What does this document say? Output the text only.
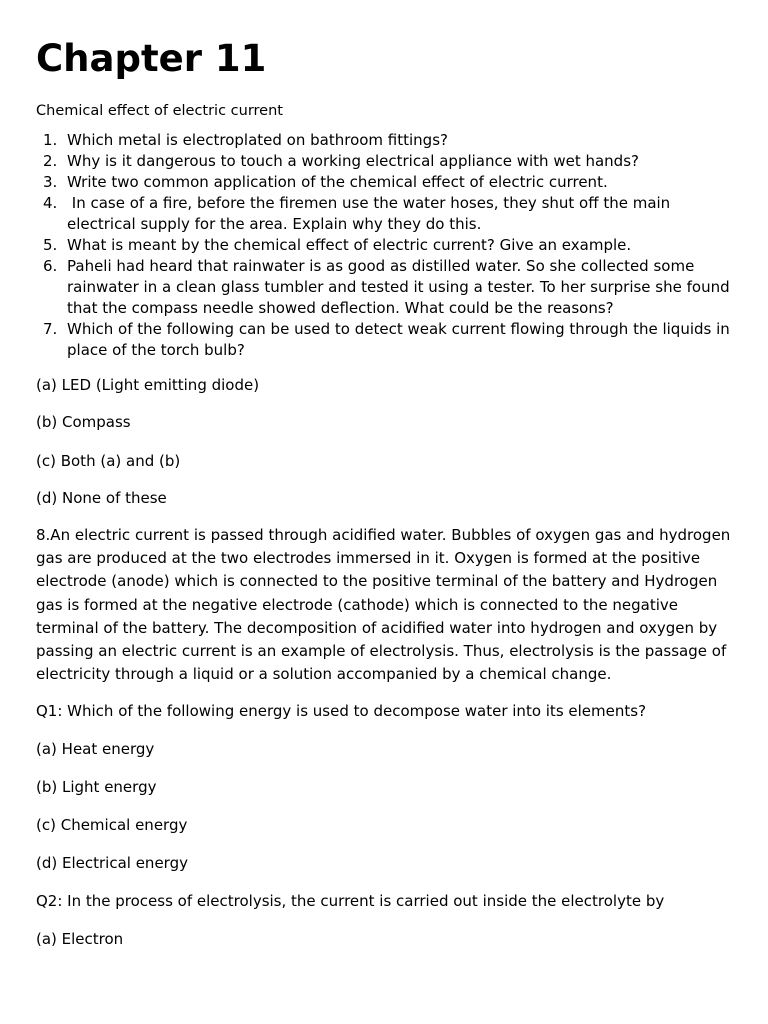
Chapter 11

Chemical effect of electric current

1. Which metal is electroplated on bathroom fittings?
2. Why is it dangerous to touch a working electrical appliance with wet hands?
3. Write two common application of the chemical effect of electric current.
4. In case of a fire, before the firemen use the water hoses, they shut off the main electrical supply for the area. Explain why they do this.
5. What is meant by the chemical effect of electric current? Give an example.
6. Paheli had heard that rainwater is as good as distilled water. So she collected some rainwater in a clean glass tumbler and tested it using a tester. To her surprise she found that the compass needle showed deflection. What could be the reasons?
7. Which of the following can be used to detect weak current flowing through the liquids in place of the torch bulb?

(a) LED (Light emitting diode)

(b) Compass

(c) Both (a) and (b)

(d) None of these

8.An electric current is passed through acidified water. Bubbles of oxygen gas and hydrogen gas are produced at the two electrodes immersed in it. Oxygen is formed at the positive electrode (anode) which is connected to the positive terminal of the battery and Hydrogen gas is formed at the negative electrode (cathode) which is connected to the negative terminal of the battery. The decomposition of acidified water into hydrogen and oxygen by passing an electric current is an example of electrolysis. Thus, electrolysis is the passage of electricity through a liquid or a solution accompanied by a chemical change.

Q1: Which of the following energy is used to decompose water into its elements?

(a) Heat energy

(b) Light energy

(c) Chemical energy

(d) Electrical energy

Q2: In the process of electrolysis, the current is carried out inside the electrolyte by

(a) Electron
